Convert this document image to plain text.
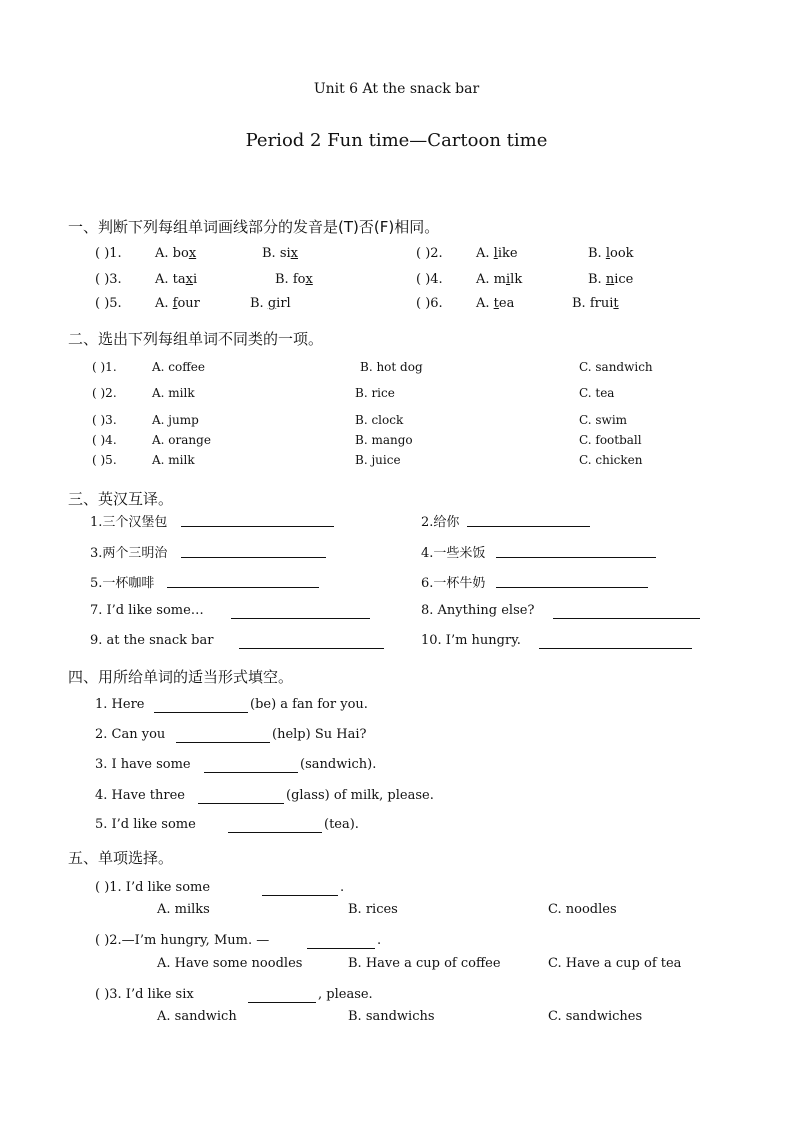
Unit 6 At the snack bar
Period 2 Fun time—Cartoon time
一、判断下列每组单词画线部分的发音是(T)否(F)相同。
( )1.	A. box	B. six	( )2.	A. like	B. look
( )3.	A. taxi	B. fox	( )4.	A. milk	B. nice
( )5.	A. four	B. girl	( )6.	A. tea	B. fruit
二、选出下列每组单词不同类的一项。
( )1.	A. coffee	B. hot dog	C. sandwich
( )2.	A. milk	B. rice	C. tea
( )3.	A. jump	B. clock	C. swim
( )4.	A. orange	B. mango	C. football
( )5.	A. milk	B. juice	C. chicken
三、英汉互译。
1.三个汉堡包	2.给你
3.两个三明治	4.一些米饭
5.一杯咖啡	6.一杯牛奶
7. I’d like some…	8. Anything else?
9. at the snack bar	10. I’m hungry.
四、用所给单词的适当形式填空。
1. Here	(be) a fan for you.
2. Can you	(help) Su Hai?
3. I have some	(sandwich).
4. Have three	(glass) of milk, please.
5. I’d like some	(tea).
五、单项选择。
( )1. I’d like some	.
A. milks	B. rices	C. noodles
( )2.—I’m hungry, Mum. —	.
A. Have some noodles	B. Have a cup of coffee	C. Have a cup of tea
( )3. I’d like six	, please.
A. sandwich	B. sandwichs	C. sandwiches
